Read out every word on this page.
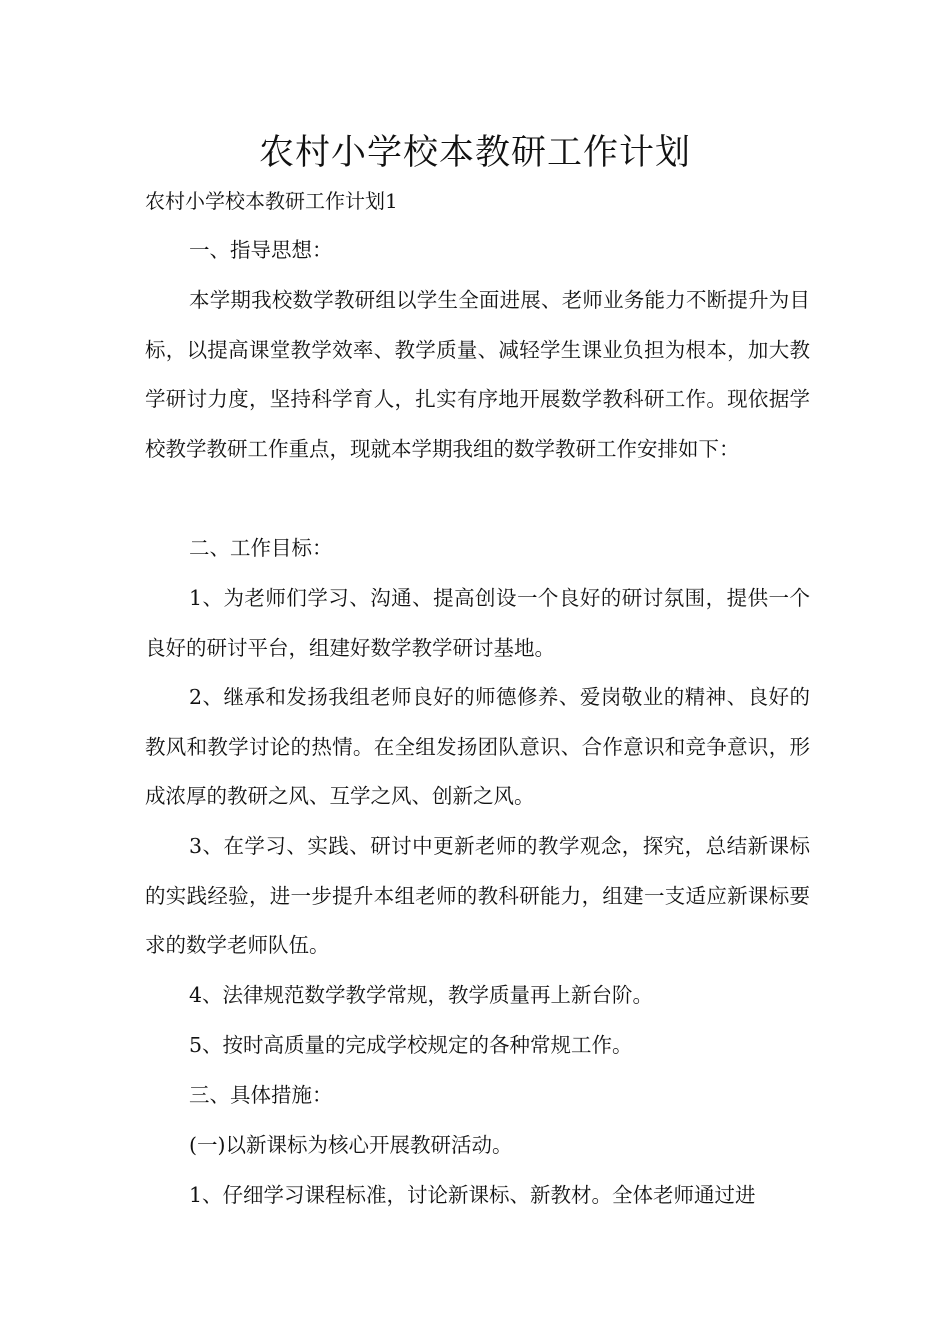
农村小学校本教研工作计划
农村小学校本教研工作计划1
一、指导思想：
本学期我校数学教研组以学生全面进展、老师业务能力不断提升为目标，以提高课堂教学效率、教学质量、减轻学生课业负担为根本，加大教学研讨力度，坚持科学育人，扎实有序地开展数学教科研工作。现依据学校教学教研工作重点，现就本学期我组的数学教研工作安排如下：
二、工作目标：
1、为老师们学习、沟通、提高创设一个良好的研讨氛围，提供一个良好的研讨平台，组建好数学教学研讨基地。
2、继承和发扬我组老师良好的师德修养、爱岗敬业的精神、良好的教风和教学讨论的热情。在全组发扬团队意识、合作意识和竞争意识，形成浓厚的教研之风、互学之风、创新之风。
3、在学习、实践、研讨中更新老师的教学观念，探究，总结新课标的实践经验，进一步提升本组老师的教科研能力，组建一支适应新课标要求的数学老师队伍。
4、法律规范数学教学常规，教学质量再上新台阶。
5、按时高质量的完成学校规定的各种常规工作。
三、具体措施：
(一)以新课标为核心开展教研活动。
1、仔细学习课程标准，讨论新课标、新教材。全体老师通过进
